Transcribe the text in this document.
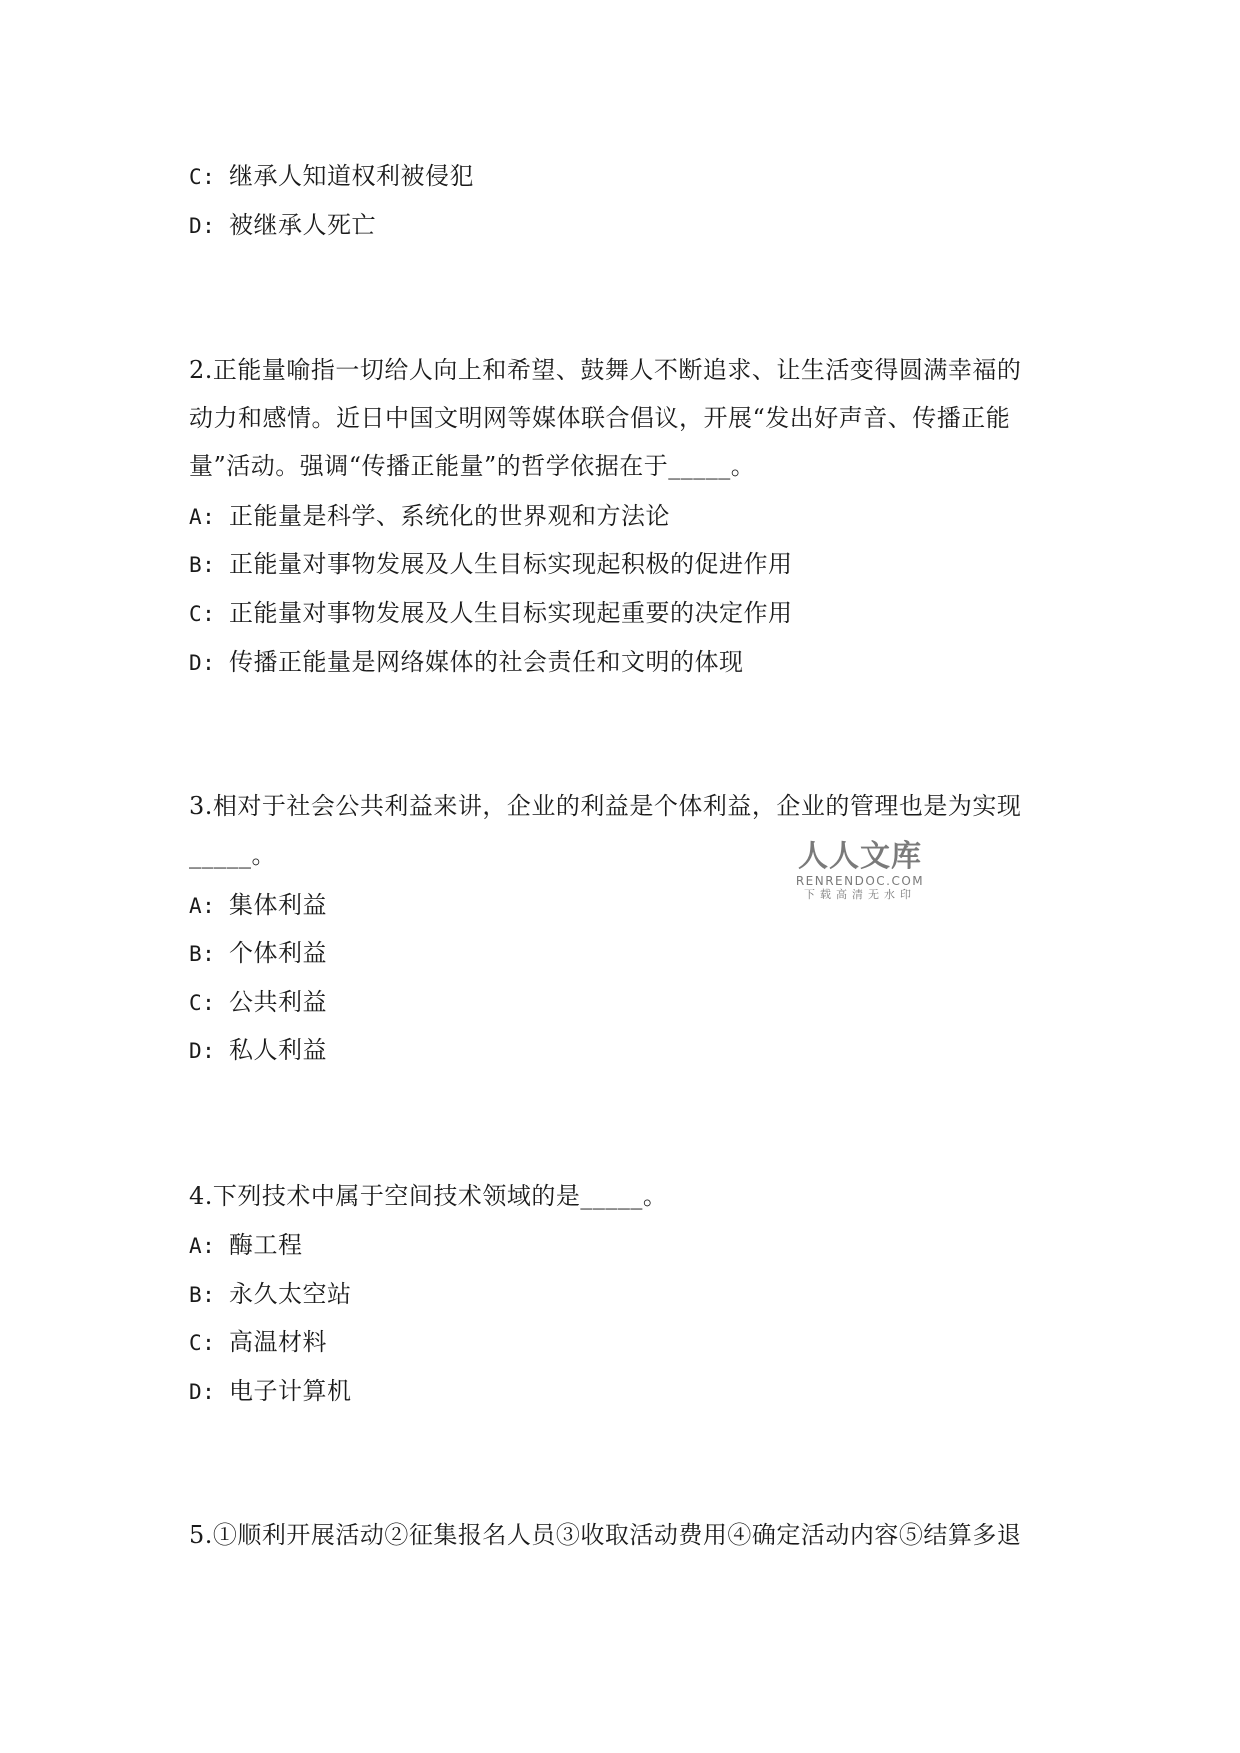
C: 继承人知道权利被侵犯
D: 被继承人死亡
2.正能量喻指一切给人向上和希望、鼓舞人不断追求、让生活变得圆满幸福的
动力和感情。近日中国文明网等媒体联合倡议，开展“发出好声音、传播正能
量”活动。强调“传播正能量”的哲学依据在于_____。
A: 正能量是科学、系统化的世界观和方法论
B: 正能量对事物发展及人生目标实现起积极的促进作用
C: 正能量对事物发展及人生目标实现起重要的决定作用
D: 传播正能量是网络媒体的社会责任和文明的体现
3.相对于社会公共利益来讲，企业的利益是个体利益，企业的管理也是为实现
_____。
A: 集体利益
B: 个体利益
C: 公共利益
D: 私人利益
人人文库
RENRENDOC.COM
下载高清无水印
4.下列技术中属于空间技术领域的是_____。
A: 酶工程
B: 永久太空站
C: 高温材料
D: 电子计算机
5.①顺利开展活动②征集报名人员③收取活动费用④确定活动内容⑤结算多退
